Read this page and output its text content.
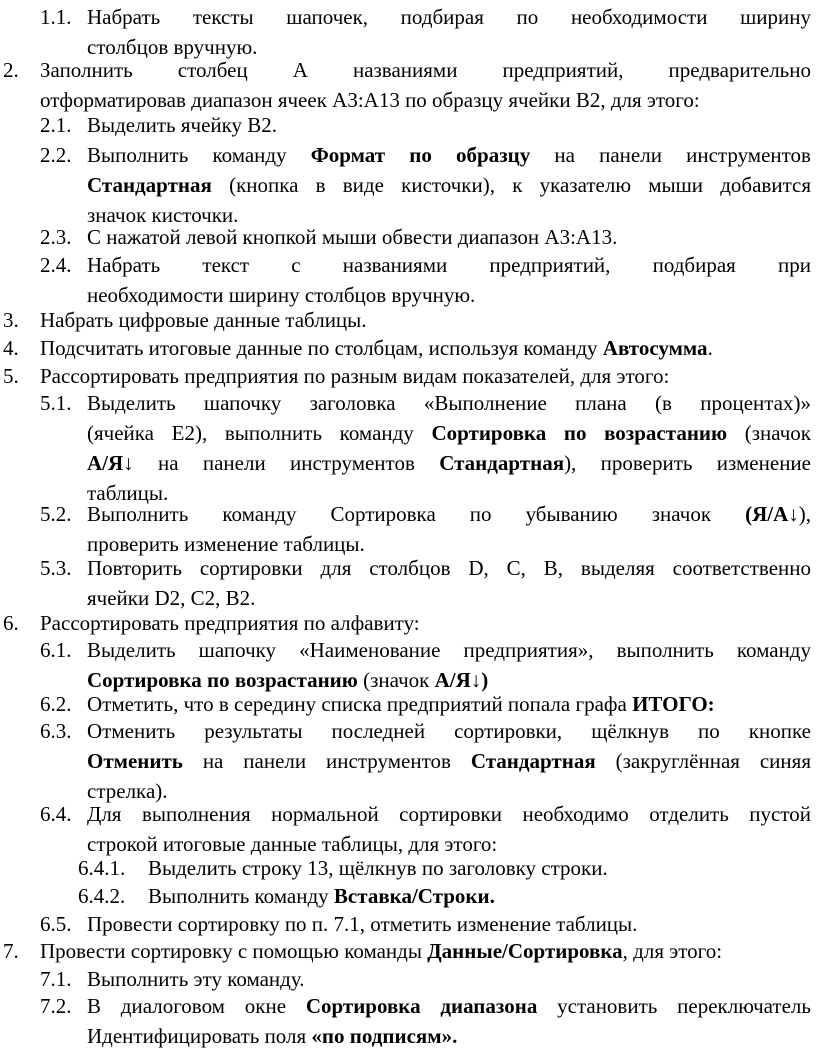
1.1. Набрать тексты шапочек, подбирая по необходимости ширину
столбцов вручную.
2. Заполнить столбец А названиями предприятий, предварительно
отформатировав диапазон ячеек А3:А13 по образцу ячейки В2, для этого:
2.1. Выделить ячейку В2.
2.2. Выполнить команду Формат по образцу на панели инструментов
Стандартная (кнопка в виде кисточки), к указателю мыши добавится
значок кисточки.
2.3. С нажатой левой кнопкой мыши обвести диапазон А3:А13.
2.4. Набрать текст с названиями предприятий, подбирая при
необходимости ширину столбцов вручную.
3. Набрать цифровые данные таблицы.
4. Подсчитать итоговые данные по столбцам, используя команду Автосумма.
5. Рассортировать предприятия по разным видам показателей, для этого:
5.1. Выделить шапочку заголовка «Выполнение плана (в процентах)»
(ячейка E2), выполнить команду Сортировка по возрастанию (значок
А/Я↓ на панели инструментов Стандартная), проверить изменение
таблицы.
5.2. Выполнить команду Сортировка по убыванию значок (Я/А↓),
проверить изменение таблицы.
5.3. Повторить сортировки для столбцов D, C, B, выделяя соответственно
ячейки D2, C2, B2.
6. Рассортировать предприятия по алфавиту:
6.1. Выделить шапочку «Наименование предприятия», выполнить команду
Сортировка по возрастанию (значок А/Я↓)
6.2. Отметить, что в середину списка предприятий попала графа ИТОГО:
6.3. Отменить результаты последней сортировки, щёлкнув по кнопке
Отменить на панели инструментов Стандартная (закруглённая синяя
стрелка).
6.4. Для выполнения нормальной сортировки необходимо отделить пустой
строкой итоговые данные таблицы, для этого:
6.4.1. Выделить строку 13, щёлкнув по заголовку строки.
6.4.2. Выполнить команду Вставка/Строки.
6.5. Провести сортировку по п. 7.1, отметить изменение таблицы.
7. Провести сортировку с помощью команды Данные/Сортировка, для этого:
7.1. Выполнить эту команду.
7.2. В диалоговом окне Сортировка диапазона установить переключатель
Идентифицировать поля «по подписям».
